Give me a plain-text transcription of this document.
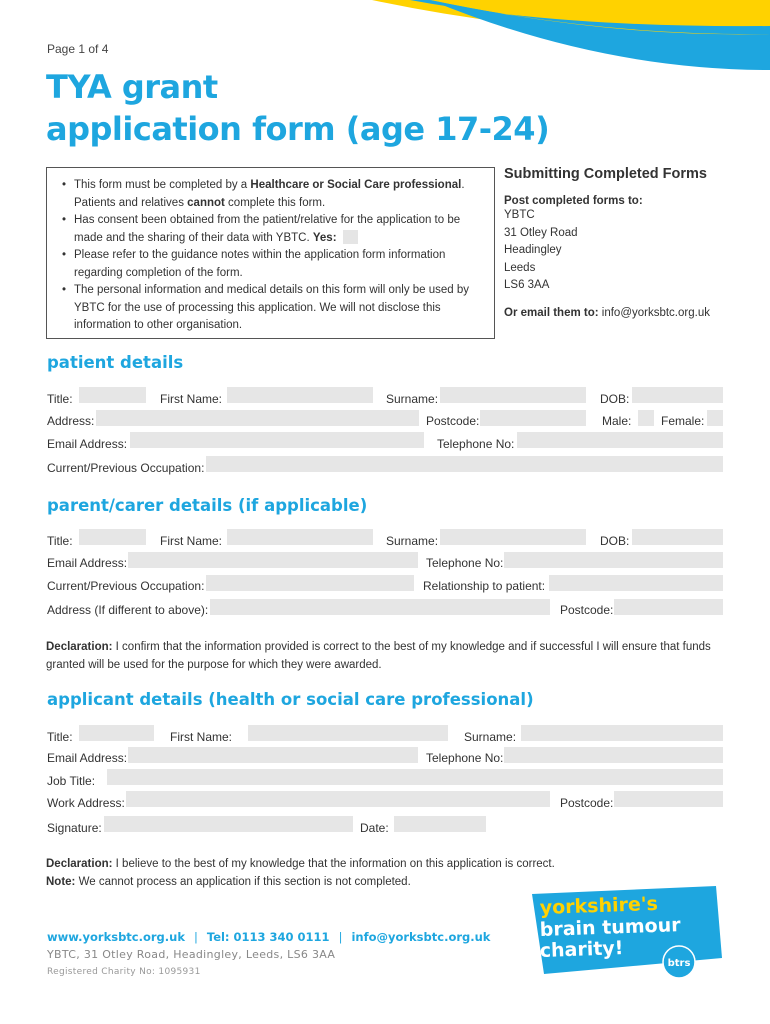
Page 1 of 4
TYA grant
application form (age 17-24)
• This form must be completed by a Healthcare or Social Care professional. Patients and relatives cannot complete this form.
• Has consent been obtained from the patient/relative for the application to be made and the sharing of their data with YBTC. Yes:
• Please refer to the guidance notes within the application form information regarding completion of the form.
• The personal information and medical details on this form will only be used by YBTC for the use of processing this application. We will not disclose this information to other organisation.
Submitting Completed Forms
Post completed forms to:
YBTC
31 Otley Road
Headingley
Leeds
LS6 3AA
Or email them to: info@yorksbtc.org.uk
patient details
Title:	First Name:	Surname:	DOB:
Address:	Postcode:	Male: Female:
Email Address:	Telephone No:
Current/Previous Occupation:
parent/carer details (if applicable)
Title:	First Name:	Surname:	DOB:
Email Address:	Telephone No:
Current/Previous Occupation:	Relationship to patient:
Address (If different to above):	Postcode:
Declaration: I confirm that the information provided is correct to the best of my knowledge and if successful I will ensure that funds granted will be used for the purpose for which they were awarded.
applicant details (health or social care professional)
Title:	First Name:	Surname:
Email Address:	Telephone No:
Job Title:
Work Address:	Postcode:
Signature:	Date:
Declaration: I believe to the best of my knowledge that the information on this application is correct.
Note: We cannot process an application if this section is not completed.
www.yorksbtc.org.uk | Tel: 0113 340 0111 | info@yorksbtc.org.uk
YBTC, 31 Otley Road, Headingley, Leeds, LS6 3AA
Registered Charity No: 1095931
yorkshire's
brain tumour
charity!
btrs
